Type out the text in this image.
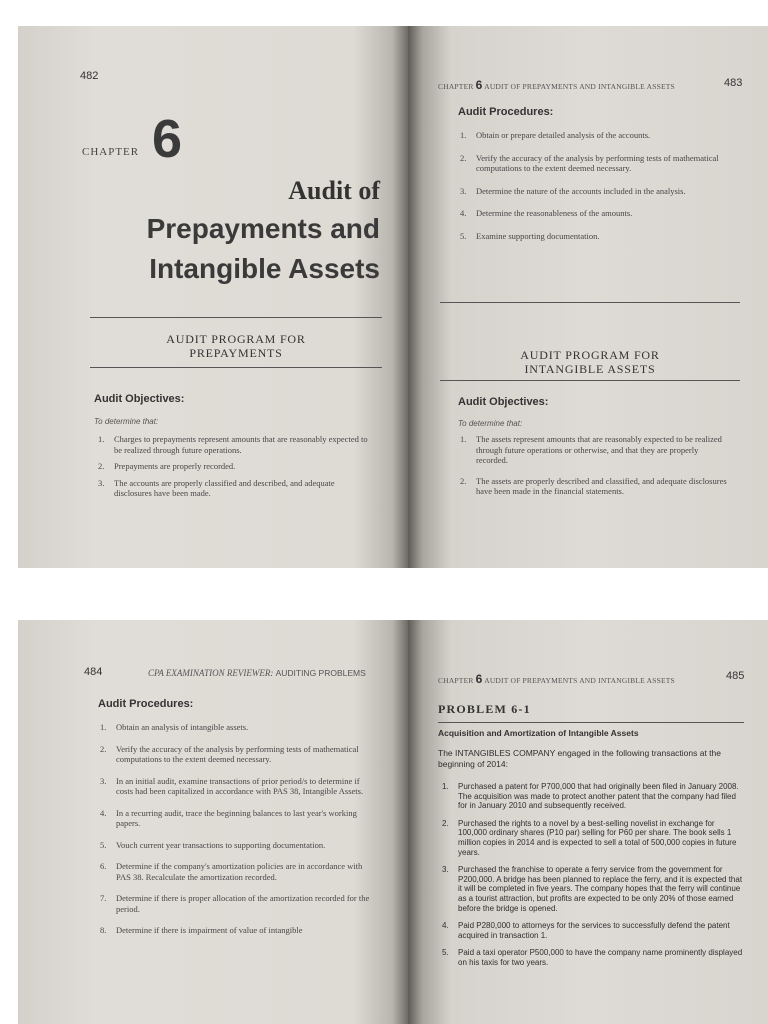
482

CHAPTER 6

Audit of

Prepayments and

Intangible Assets

AUDIT PROGRAM FOR
PREPAYMENTS

Audit Objectives:

To determine that:

1. Charges to prepayments represent amounts that are reasonably expected to be realized through future operations.
2. Prepayments are properly recorded.
3. The accounts are properly classified and described, and adequate disclosures have been made.

CHAPTER 6 AUDIT OF PREPAYMENTS AND INTANGIBLE ASSETS	483

Audit Procedures:

1. Obtain or prepare detailed analysis of the accounts.
2. Verify the accuracy of the analysis by performing tests of mathematical computations to the extent deemed necessary.
3. Determine the nature of the accounts included in the analysis.
4. Determine the reasonableness of the amounts.
5. Examine supporting documentation.
AUDIT PROGRAM FOR
INTANGIBLE ASSETS

Audit Objectives:

To determine that:

1. The assets represent amounts that are reasonably expected to be realized through future operations or otherwise, and that they are properly recorded.
2. The assets are properly described and classified, and adequate disclosures have been made in the financial statements.

484	CPA EXAMINATION REVIEWER: AUDITING PROBLEMS

Audit Procedures:

1. Obtain an analysis of intangible assets.
2. Verify the accuracy of the analysis by performing tests of mathematical computations to the extent deemed necessary.
3. In an initial audit, examine transactions of prior period/s to determine if costs had been capitalized in accordance with PAS 38, Intangible Assets.
4. In a recurring audit, trace the beginning balances to last year's working papers.
5. Vouch current year transactions to supporting documentation.
6. Determine if the company's amortization policies are in accordance with PAS 38. Recalculate the amortization recorded.
7. Determine if there is proper allocation of the amortization recorded for the period.
8. Determine if there is impairment of value of intangible

CHAPTER 6 AUDIT OF PREPAYMENTS AND INTANGIBLE ASSETS	485

PROBLEM 6-1

Acquisition and Amortization of Intangible Assets

The INTANGIBLES COMPANY engaged in the following transactions at the beginning of 2014:

1. Purchased a patent for P700,000 that had originally been filed in January 2008. The acquisition was made to protect another patent that the company had filed for in January 2010 and subsequently received.
2. Purchased the rights to a novel by a best-selling novelist in exchange for 100,000 ordinary shares (P10 par) selling for P60 per share. The book sells 1 million copies in 2014 and is expected to sell a total of 500,000 copies in future years.
3. Purchased the franchise to operate a ferry service from the government for P200,000. A bridge has been planned to replace the ferry, and it is expected that it will be completed in five years. The company hopes that the ferry will continue as a tourist attraction, but profits are expected to be only 20% of those earned before the bridge is opened.
4. Paid P280,000 to attorneys for the services to successfully defend the patent acquired in transaction 1.
5. Paid a taxi operator P500,000 to have the company name prominently displayed on his taxis for two years.
